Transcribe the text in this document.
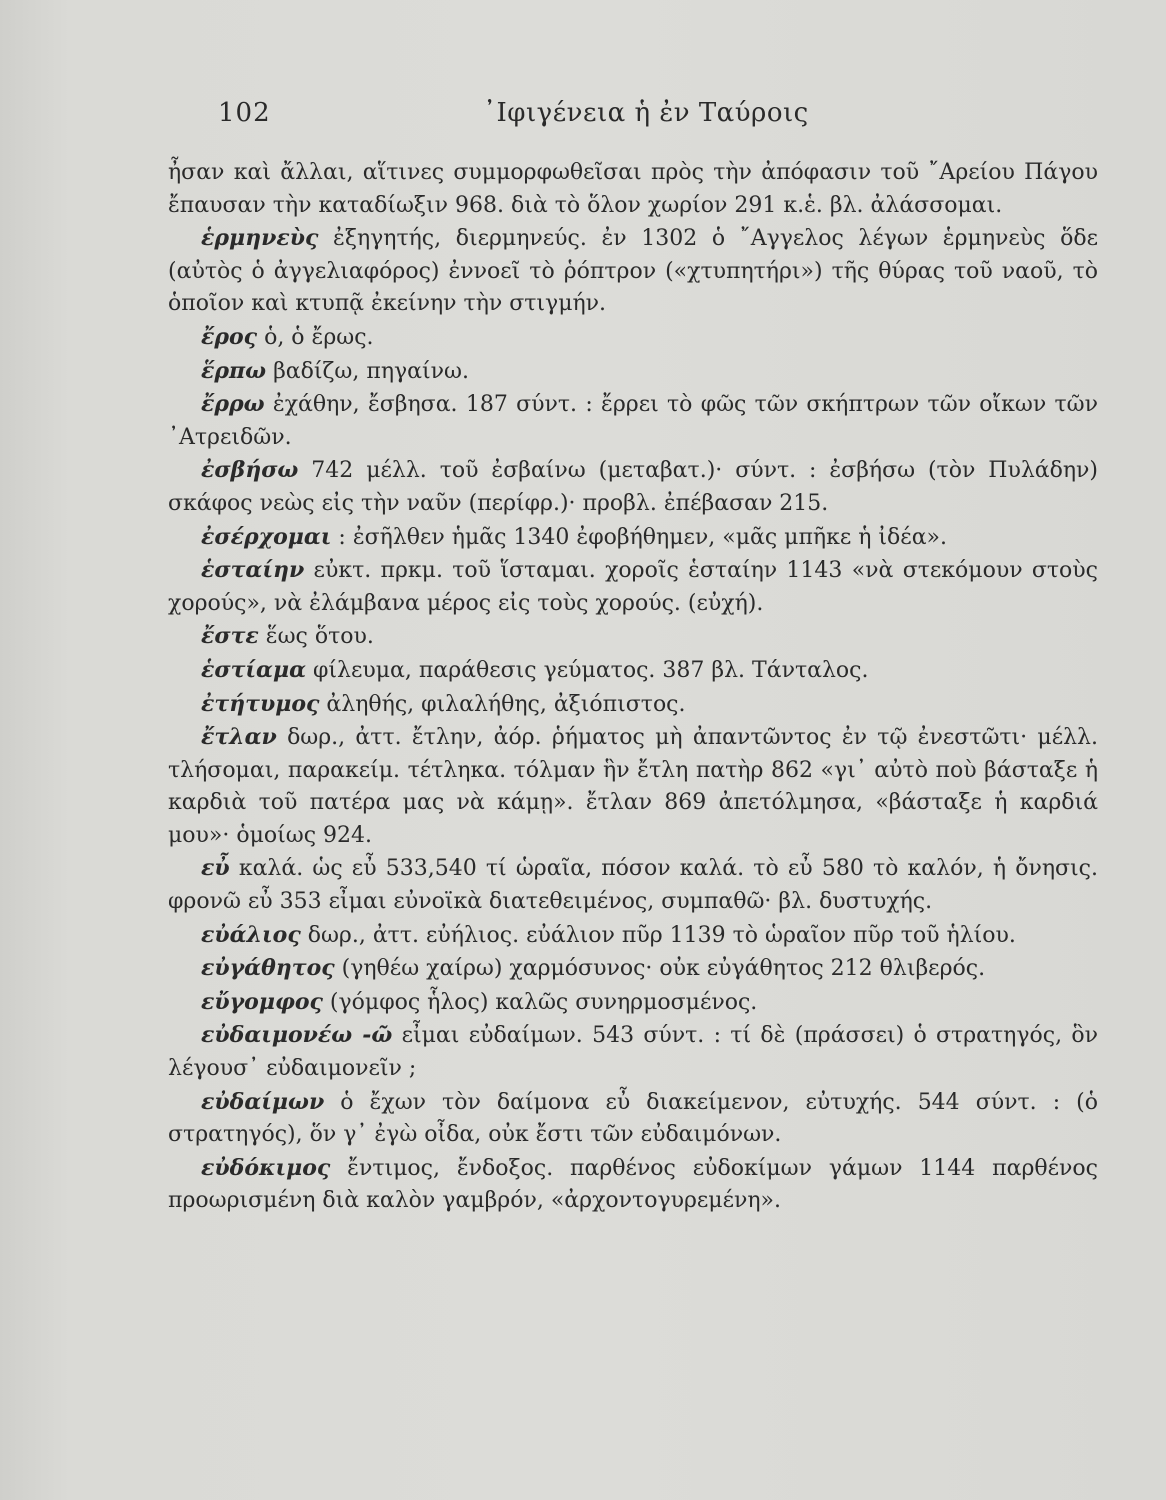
102	᾿Ιφιγένεια ἡ ἐν Ταύροις

ἦσαν καὶ ἄλλαι, αἵτινες συμμορφωθεῖσαι πρὸς τὴν ἀπόφασιν τοῦ ῎Αρείου Πάγου ἔπαυσαν τὴν καταδίωξιν 968. διὰ τὸ ὅλον χωρίον 291 κ.ἑ. βλ. ἀλάσσομαι.

ἑρμηνεὺς ἐξηγητής, διερμηνεύς. ἐν 1302 ὁ ῎Αγγελος λέγων ἑρμηνεὺς ὅδε (αὐτὸς ὁ ἀγγελιαφόρος) ἐννοεῖ τὸ ῥόπτρον («χτυπητήρι») τῆς θύρας τοῦ ναοῦ, τὸ ὁποῖον καὶ κτυπᾷ ἐκείνην τὴν στιγμήν.

ἔρος ὁ, ὁ ἔρως.

ἕρπω βαδίζω, πηγαίνω.

ἔρρω ἐχάθην, ἔσβησα. 187 σύντ. : ἔρρει τὸ φῶς τῶν σκήπτρων τῶν οἴκων τῶν ᾿Ατρειδῶν.

ἐσβήσω 742 μέλλ. τοῦ ἐσβαίνω (μεταβατ.)· σύντ. : ἐσβήσω (τὸν Πυλάδην) σκάφος νεὼς εἰς τὴν ναῦν (περίφρ.)· προβλ. ἐπέβασαν 215.

ἐσέρχομαι : ἐσῆλθεν ἡμᾶς 1340 ἐφοβήθημεν, «μᾶς μπῆκε ἡ ἰδέα».

ἑσταίην εὐκτ. πρκμ. τοῦ ἵσταμαι. χοροῖς ἑσταίην 1143 «νὰ στεκόμουν στοὺς χορούς», νὰ ἐλάμβανα μέρος εἰς τοὺς χορούς. (εὐχή).

ἔστε ἕως ὅτου.

ἑστίαμα φίλευμα, παράθεσις γεύματος. 387 βλ. Τάνταλος.

ἐτήτυμος ἀληθής, φιλαλήθης, ἀξιόπιστος.

ἔτλαν δωρ., ἀττ. ἔτλην, ἀόρ. ῥήματος μὴ ἀπαντῶντος ἐν τῷ ἐνεστῶτι· μέλλ. τλήσομαι, παρακείμ. τέτληκα. τόλμαν ἣν ἔτλη πατὴρ 862 «γι᾿ αὐτὸ ποὺ βάσταξε ἡ καρδιὰ τοῦ πατέρα μας νὰ κάμῃ». ἔτλαν 869 ἀπετόλμησα, «βάσταξε ἡ καρδιά μου»· ὁμοίως 924.

εὖ καλά. ὡς εὖ 533,540 τί ὡραῖα, πόσον καλά. τὸ εὖ 580 τὸ καλόν, ἡ ὄνησις. φρονῶ εὖ 353 εἶμαι εὐνοϊκὰ διατεθειμένος, συμπαθῶ· βλ. δυστυχής.

εὐάλιος δωρ., ἀττ. εὐήλιος. εὐάλιον πῦρ 1139 τὸ ὡραῖον πῦρ τοῦ ἡλίου.

εὐγάθητος (γηθέω χαίρω) χαρμόσυνος· οὐκ εὐγάθητος 212 θλιβερός.

εὔγομφος (γόμφος ἧλος) καλῶς συνηρμοσμένος.

εὐδαιμονέω -ῶ εἶμαι εὐδαίμων. 543 σύντ. : τί δὲ (πράσσει) ὁ στρατηγός, ὃν λέγουσ᾿ εὐδαιμονεῖν ;

εὐδαίμων ὁ ἔχων τὸν δαίμονα εὖ διακείμενον, εὐτυχής. 544 σύντ. : (ὁ στρατηγός), ὅν γ᾿ ἐγὼ οἶδα, οὐκ ἔστι τῶν εὐδαιμόνων.

εὐδόκιμος ἔντιμος, ἔνδοξος. παρθένος εὐδοκίμων γάμων 1144 παρθένος προωρισμένη διὰ καλὸν γαμβρόν, «ἀρχοντογυρεμένη».
